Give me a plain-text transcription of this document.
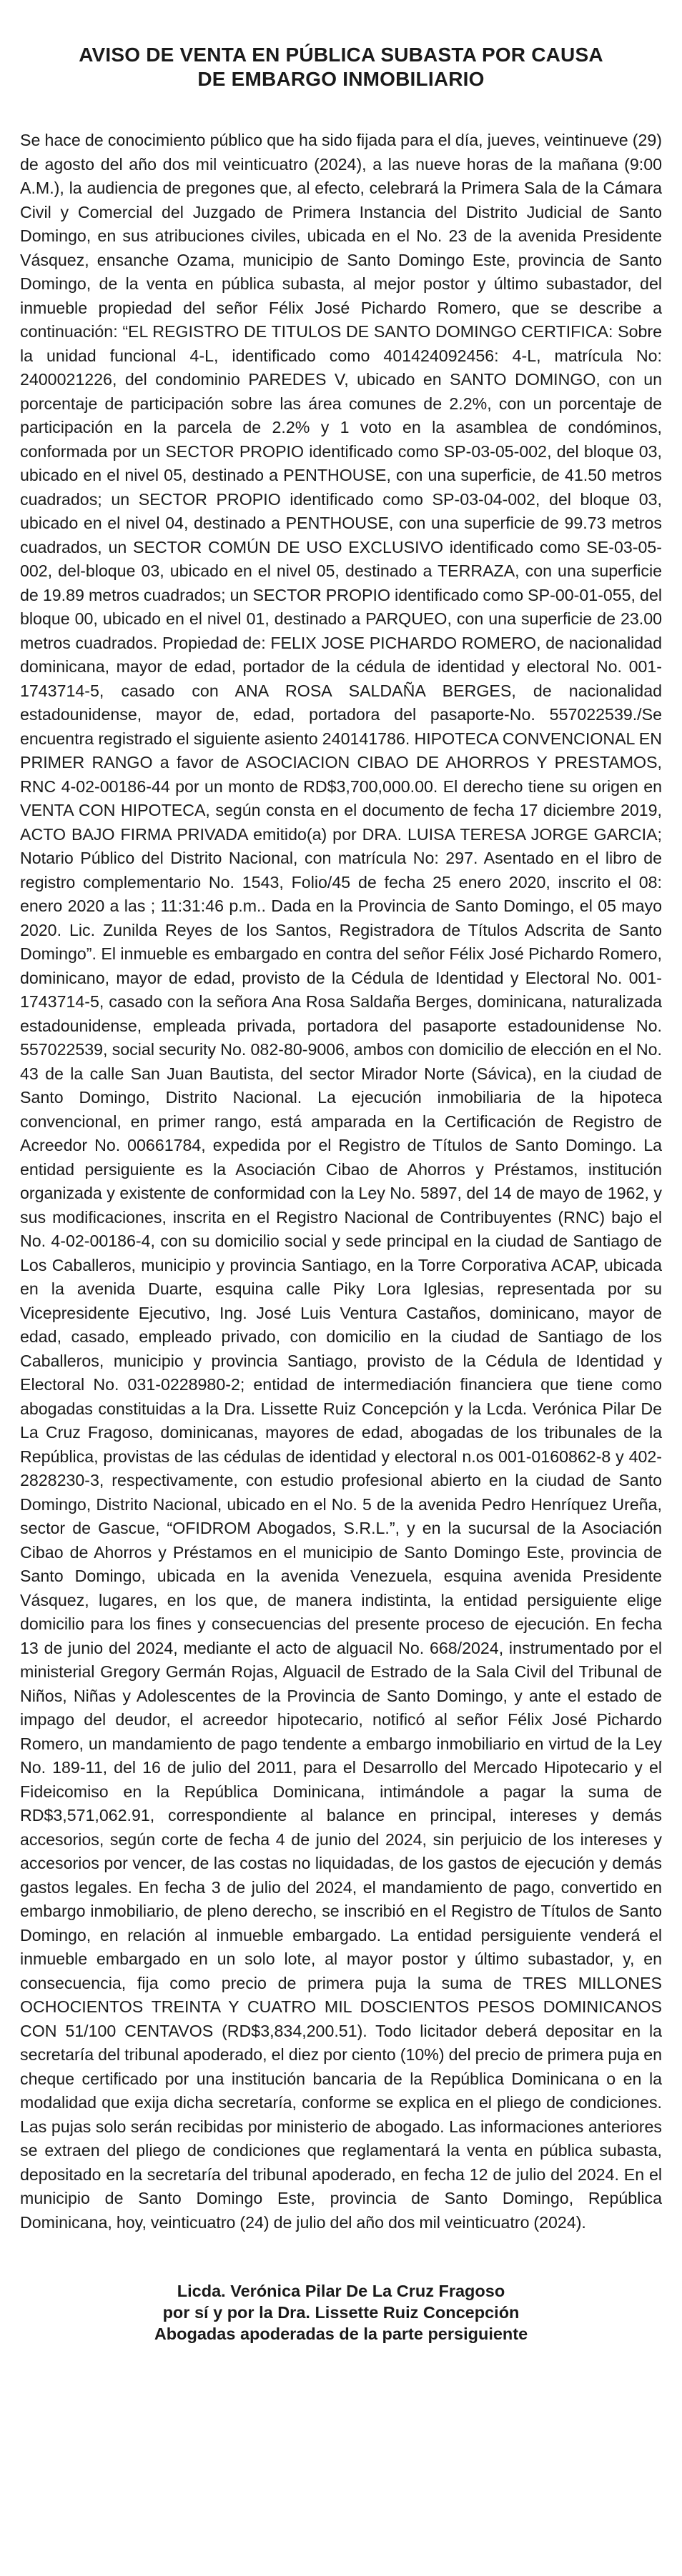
AVISO DE VENTA EN PÚBLICA SUBASTA POR CAUSA
DE EMBARGO INMOBILIARIO

Se hace de conocimiento público que ha sido fijada para el día, jueves, veintinueve (29) de agosto del año dos mil veinticuatro (2024), a las nueve horas de la mañana (9:00 A.M.), la audiencia de pregones que, al efecto, celebrará la Primera Sala de la Cámara Civil y Comercial del Juzgado de Primera Instancia del Distrito Judicial de Santo Domingo, en sus atribuciones civiles, ubicada en el No. 23 de la avenida Presidente Vásquez, ensanche Ozama, municipio de Santo Domingo Este, provincia de Santo Domingo, de la venta en pública subasta, al mejor postor y último subastador, del inmueble propiedad del señor Félix José Pichardo Romero, que se describe a continuación: “EL REGISTRO DE TITULOS DE SANTO DOMINGO CERTIFICA: Sobre la unidad funcional 4-L, identificado como 401424092456: 4-L, matrícula No: 2400021226, del condominio PAREDES V, ubicado en SANTO DOMINGO, con un porcentaje de participación sobre las área comunes de 2.2%, con un porcentaje de participación en la parcela de 2.2% y 1 voto en la asamblea de condóminos, conformada por un SECTOR PROPIO identificado como SP-03-05-002, del bloque 03, ubicado en el nivel 05, destinado a PENTHOUSE, con una superficie, de 41.50 metros cuadrados; un SECTOR PROPIO identificado como SP-03-04-002, del bloque 03, ubicado en el nivel 04, destinado a PENTHOUSE, con una superficie de 99.73 metros cuadrados, un SECTOR COMÚN DE USO EXCLUSIVO identificado como SE-03-05-002, del-bloque 03, ubicado en el nivel 05, destinado a TERRAZA, con una superficie de 19.89 metros cuadrados; un SECTOR PROPIO identificado como SP-00-01-055, del bloque 00, ubicado en el nivel 01, destinado a PARQUEO, con una superficie de 23.00 metros cuadrados. Propiedad de: FELIX JOSE PICHARDO ROMERO, de nacionalidad dominicana, mayor de edad, portador de la cédula de identidad y electoral No. 001-1743714-5, casado con ANA ROSA SALDAÑA BERGES, de nacionalidad estadounidense, mayor de, edad, portadora del pasaporte-No. 557022539./Se encuentra registrado el siguiente asiento 240141786. HIPOTECA CONVENCIONAL EN PRIMER RANGO a favor de ASOCIACION CIBAO DE AHORROS Y PRESTAMOS, RNC 4-02-00186-44 por un monto de RD$3,700,000.00. El derecho tiene su origen en VENTA CON HIPOTECA, según consta en el documento de fecha 17 diciembre 2019, ACTO BAJO FIRMA PRIVADA emitido(a) por DRA. LUISA TERESA JORGE GARCIA; Notario Público del Distrito Nacional, con matrícula No: 297. Asentado en el libro de registro complementario No. 1543, Folio/45 de fecha 25 enero 2020, inscrito el 08: enero 2020 a las ; 11:31:46 p.m.. Dada en la Provincia de Santo Domingo, el 05 mayo 2020. Lic. Zunilda Reyes de los Santos, Registradora de Títulos Adscrita de Santo Domingo”. El inmueble es embargado en contra del señor Félix José Pichardo Romero, dominicano, mayor de edad, provisto de la Cédula de Identidad y Electoral No. 001-1743714-5, casado con la señora Ana Rosa Saldaña Berges, dominicana, naturalizada estadounidense, empleada privada, portadora del pasaporte estadounidense No. 557022539, social security No. 082-80-9006, ambos con domicilio de elección en el No. 43 de la calle San Juan Bautista, del sector Mirador Norte (Sávica), en la ciudad de Santo Domingo, Distrito Nacional. La ejecución inmobiliaria de la hipoteca convencional, en primer rango, está amparada en la Certificación de Registro de Acreedor No. 00661784, expedida por el Registro de Títulos de Santo Domingo. La entidad persiguiente es la Asociación Cibao de Ahorros y Préstamos, institución organizada y existente de conformidad con la Ley No. 5897, del 14 de mayo de 1962, y sus modificaciones, inscrita en el Registro Nacional de Contribuyentes (RNC) bajo el No. 4-02-00186-4, con su domicilio social y sede principal en la ciudad de Santiago de Los Caballeros, municipio y provincia Santiago, en la Torre Corporativa ACAP, ubicada en la avenida Duarte, esquina calle Piky Lora Iglesias, representada por su Vicepresidente Ejecutivo, Ing. José Luis Ventura Castaños, dominicano, mayor de edad, casado, empleado privado, con domicilio en la ciudad de Santiago de los Caballeros, municipio y provincia Santiago, provisto de la Cédula de Identidad y Electoral No. 031-0228980-2; entidad de intermediación financiera que tiene como abogadas constituidas a la Dra. Lissette Ruiz Concepción y la Lcda. Verónica Pilar De La Cruz Fragoso, dominicanas, mayores de edad, abogadas de los tribunales de la República, provistas de las cédulas de identidad y electoral n.os 001-0160862-8 y 402-2828230-3, respectivamente, con estudio profesional abierto en la ciudad de Santo Domingo, Distrito Nacional, ubicado en el No. 5 de la avenida Pedro Henríquez Ureña, sector de Gascue, “OFIDROM Abogados, S.R.L.”, y en la sucursal de la Asociación Cibao de Ahorros y Préstamos en el municipio de Santo Domingo Este, provincia de Santo Domingo, ubicada en la avenida Venezuela, esquina avenida Presidente Vásquez, lugares, en los que, de manera indistinta, la entidad persiguiente elige domicilio para los fines y consecuencias del presente proceso de ejecución. En fecha 13 de junio del 2024, mediante el acto de alguacil No. 668/2024, instrumentado por el ministerial Gregory Germán Rojas, Alguacil de Estrado de la Sala Civil del Tribunal de Niños, Niñas y Adolescentes de la Provincia de Santo Domingo, y ante el estado de impago del deudor, el acreedor hipotecario, notificó al señor Félix José Pichardo Romero, un mandamiento de pago tendente a embargo inmobiliario en virtud de la Ley No. 189-11, del 16 de julio del 2011, para el Desarrollo del Mercado Hipotecario y el Fideicomiso en la República Dominicana, intimándole a pagar la suma de RD$3,571,062.91, correspondiente al balance en principal, intereses y demás accesorios, según corte de fecha 4 de junio del 2024, sin perjuicio de los intereses y accesorios por vencer, de las costas no liquidadas, de los gastos de ejecución y demás gastos legales. En fecha 3 de julio del 2024, el mandamiento de pago, convertido en embargo inmobiliario, de pleno derecho, se inscribió en el Registro de Títulos de Santo Domingo, en relación al inmueble embargado. La entidad persiguiente venderá el inmueble embargado en un solo lote, al mayor postor y último subastador, y, en consecuencia, fija como precio de primera puja la suma de TRES MILLONES OCHOCIENTOS TREINTA Y CUATRO MIL DOSCIENTOS PESOS DOMINICANOS CON 51/100 CENTAVOS (RD$3,834,200.51). Todo licitador deberá depositar en la secretaría del tribunal apoderado, el diez por ciento (10%) del precio de primera puja en cheque certificado por una institución bancaria de la República Dominicana o en la modalidad que exija dicha secretaría, conforme se explica en el pliego de condiciones. Las pujas solo serán recibidas por ministerio de abogado. Las informaciones anteriores se extraen del pliego de condiciones que reglamentará la venta en pública subasta, depositado en la secretaría del tribunal apoderado, en fecha 12 de julio del 2024. En el municipio de Santo Domingo Este, provincia de Santo Domingo, República Dominicana, hoy, veinticuatro (24) de julio del año dos mil veinticuatro (2024).

Licda. Verónica Pilar De La Cruz Fragoso
por sí y por la Dra. Lissette Ruiz Concepción
Abogadas apoderadas de la parte persiguiente
